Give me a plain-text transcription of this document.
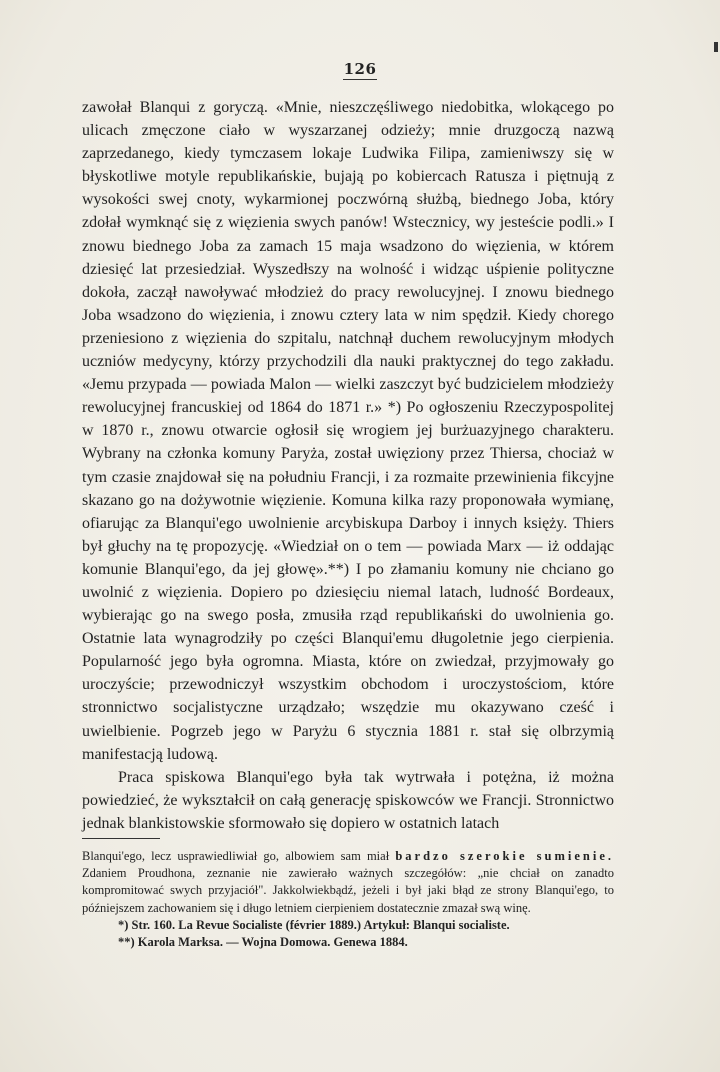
126

zawołał Blanqui z goryczą. «Mnie, nieszczęśliwego niedobitka, wlokącego po ulicach zmęczone ciało w wyszarzanej odzieży; mnie druzgoczą nazwą zaprzedanego, kiedy tymczasem lokaje Ludwika Filipa, zamieniwszy się w błyskotliwe motyle republikańskie, bujają po kobiercach Ratusza i piętnują z wysokości swej cnoty, wykarmionej poczwórną służbą, biednego Joba, który zdołał wymknąć się z więzienia swych panów! Wstecznicy, wy jesteście podli.» I znowu biednego Joba za zamach 15 maja wsadzono do więzienia, w którem dziesięć lat przesiedział. Wyszedłszy na wolność i widząc uśpienie polityczne dokoła, zaczął nawoływać młodzież do pracy rewolucyjnej. I znowu biednego Joba wsadzono do więzienia, i znowu cztery lata w nim spędził. Kiedy chorego przeniesiono z więzienia do szpitalu, natchnął duchem rewolucyjnym młodych uczniów medycyny, którzy przychodzili dla nauki praktycznej do tego zakładu. «Jemu przypada — powiada Malon — wielki zaszczyt być budzicielem młodzieży rewolucyjnej francuskiej od 1864 do 1871 r.» *) Po ogłoszeniu Rzeczypospolitej w 1870 r., znowu otwarcie ogłosił się wrogiem jej burżuazyjnego charakteru. Wybrany na członka komuny Paryża, został uwięziony przez Thiersa, chociaż w tym czasie znajdował się na południu Francji, i za rozmaite przewinienia fikcyjne skazano go na dożywotnie więzienie. Komuna kilka razy proponowała wymianę, ofiarując za Blanqui'ego uwolnienie arcybiskupa Darboy i innych księży. Thiers był głuchy na tę propozycję. «Wiedział on o tem — powiada Marx — iż oddając komunie Blanqui'ego, da jej głowę».**) I po złamaniu komuny nie chciano go uwolnić z więzienia. Dopiero po dziesięciu niemal latach, ludność Bordeaux, wybierając go na swego posła, zmusiła rząd republikański do uwolnienia go. Ostatnie lata wynagrodziły po części Blanqui'emu długoletnie jego cierpienia. Popularność jego była ogromna. Miasta, które on zwiedzał, przyjmowały go uroczyście; przewodniczył wszystkim obchodom i uroczystościom, które stronnictwo socjalistyczne urządzało; wszędzie mu okazywano cześć i uwielbienie. Pogrzeb jego w Paryżu 6 stycznia 1881 r. stał się olbrzymią manifestacją ludową.

Praca spiskowa Blanqui'ego była tak wytrwała i potężna, iż można powiedzieć, że wykształcił on całą generację spiskowców we Francji. Stronnictwo jednak blankistowskie sformowało się dopiero w ostatnich latach

Blanqui'ego, lecz usprawiedliwiał go, albowiem sam miał bardzo szerokie sumienie. Zdaniem Proudhona, zeznanie nie zawierało ważnych szczegółów: „nie chciał on zanadto kompromitować swych przyjaciół". Jakkolwiekbądź, jeżeli i był jaki błąd ze strony Blanqui'ego, to późniejszem zachowaniem się i długo letniem cierpieniem dostatecznie zmazał swą winę.

*) Str. 160. La Revue Socialiste (février 1889.) Artykuł: Blanqui socialiste.

**) Karola Marksa. — Wojna Domowa. Genewa 1884.
